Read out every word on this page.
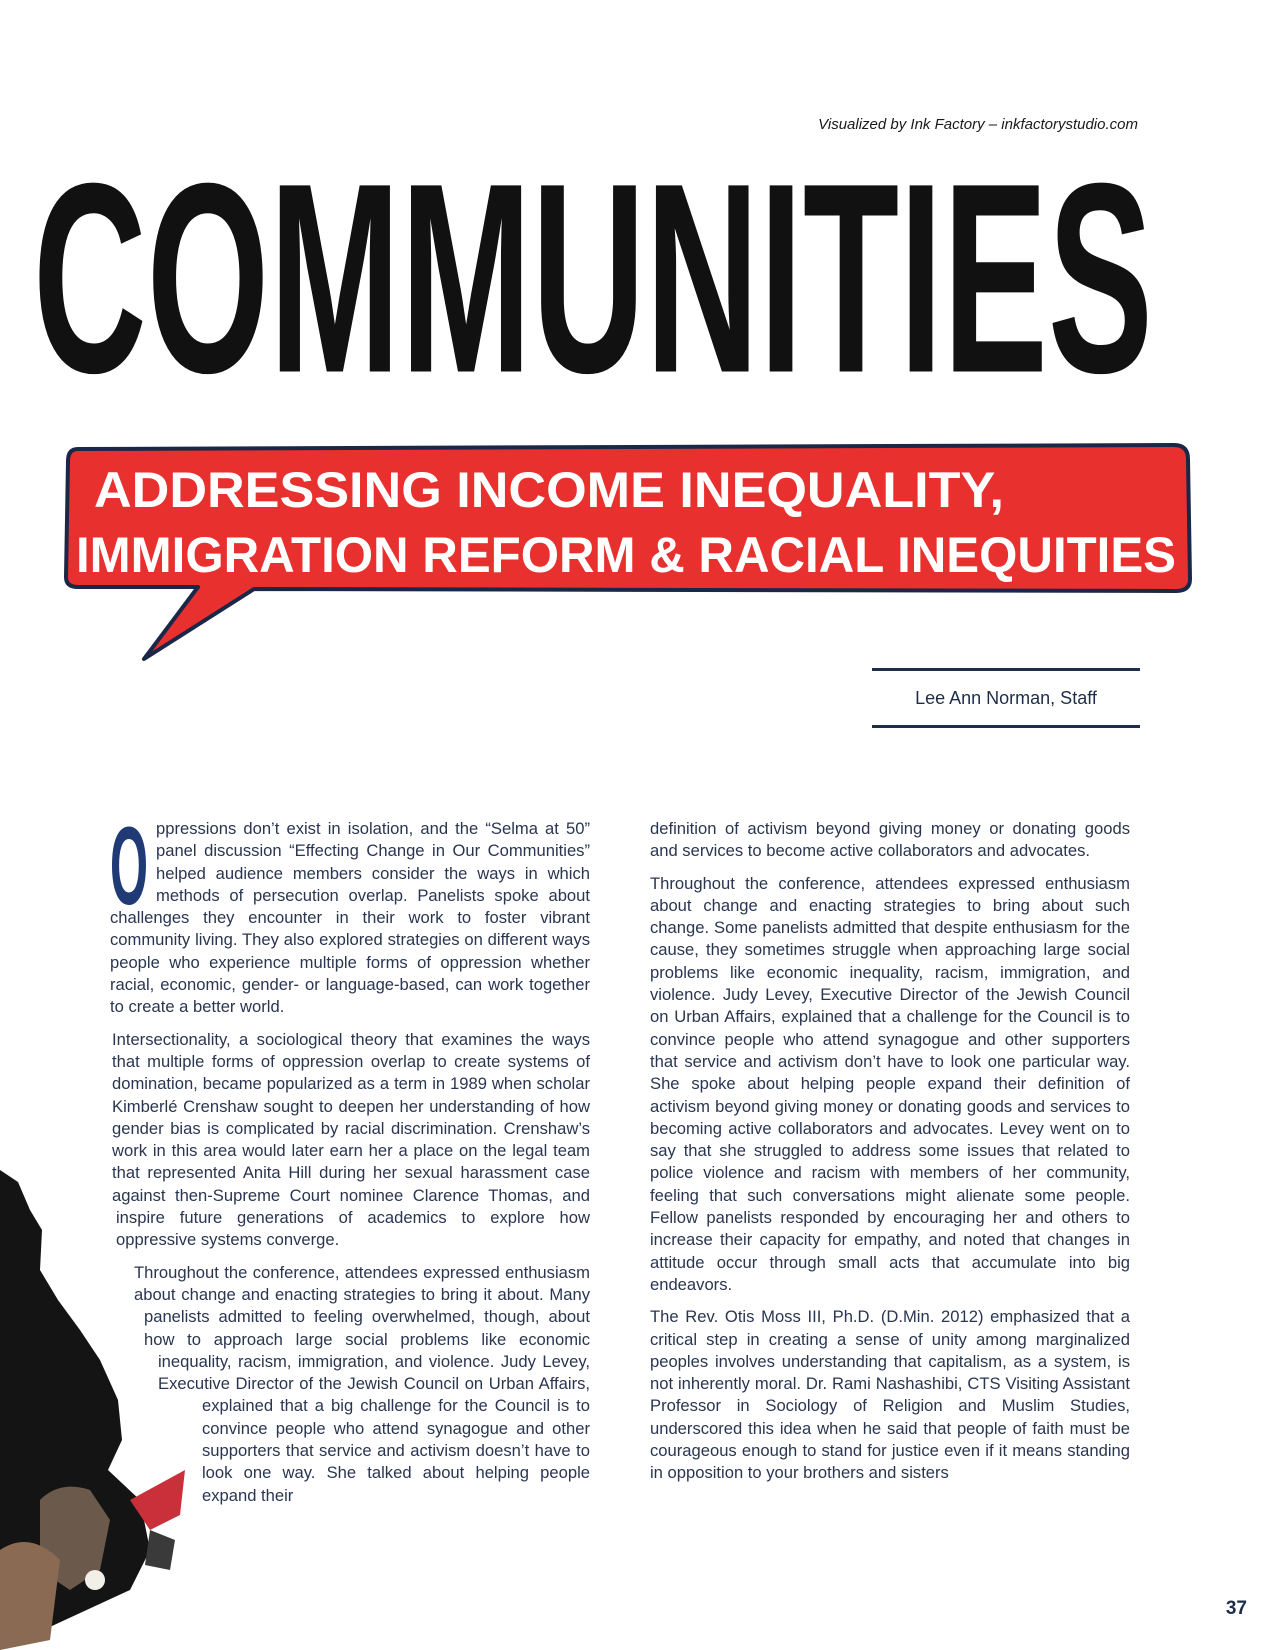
Visualized by Ink Factory – inkfactorystudio.com
COMMUNITIES
ADDRESSING INCOME INEQUALITY,
IMMIGRATION REFORM & RACIAL INEQUITIES
Lee Ann Norman, Staff

O ppressions don’t exist in isolation, and the “Selma at 50” panel discussion “Effecting Change in Our Communities” helped audience members consider the ways in which methods of persecution overlap. Panelists spoke about challenges they encounter in their work to foster vibrant community living. They also explored strategies on different ways people who experience multiple forms of oppression whether racial, economic, gender- or language-based, can work together to create a better world.

Intersectionality, a sociological theory that examines the ways that multiple forms of oppression overlap to create systems of domination, became popularized as a term in 1989 when scholar Kimberlé Crenshaw sought to deepen her understanding of how gender bias is complicated by racial discrimination. Crenshaw’s work in this area would later earn her a place on the legal team that represented Anita Hill during her sexual harassment case against then-Supreme Court nominee Clarence Thomas, and inspire future generations of academics to explore how oppressive systems converge.

Throughout the conference, attendees expressed enthusiasm about change and enacting strategies to bring it about. Many panelists admitted to feeling overwhelmed, though, about how to approach large social problems like economic inequality, racism, immigration, and violence. Judy Levey, Executive Director of the Jewish Council on Urban Affairs, explained that a big challenge for the Council is to convince people who attend synagogue and other supporters that service and activism doesn’t have to look one way. She talked about helping people expand their

definition of activism beyond giving money or donating goods and services to become active collaborators and advocates.

Throughout the conference, attendees expressed enthusiasm about change and enacting strategies to bring about such change. Some panelists admitted that despite enthusiasm for the cause, they sometimes struggle when approaching large social problems like economic inequality, racism, immigration, and violence. Judy Levey, Executive Director of the Jewish Council on Urban Affairs, explained that a challenge for the Council is to convince people who attend synagogue and other supporters that service and activism don’t have to look one particular way. She spoke about helping people expand their definition of activism beyond giving money or donating goods and services to becoming active collaborators and advocates. Levey went on to say that she struggled to address some issues that related to police violence and racism with members of her community, feeling that such conversations might alienate some people. Fellow panelists responded by encouraging her and others to increase their capacity for empathy, and noted that changes in attitude occur through small acts that accumulate into big endeavors.

The Rev. Otis Moss III, Ph.D. (D.Min. 2012) emphasized that a critical step in creating a sense of unity among marginalized peoples involves understanding that capitalism, as a system, is not inherently moral. Dr. Rami Nashashibi, CTS Visiting Assistant Professor in Sociology of Religion and Muslim Studies, underscored this idea when he said that people of faith must be courageous enough to stand for justice even if it means standing in opposition to your brothers and sisters

37
